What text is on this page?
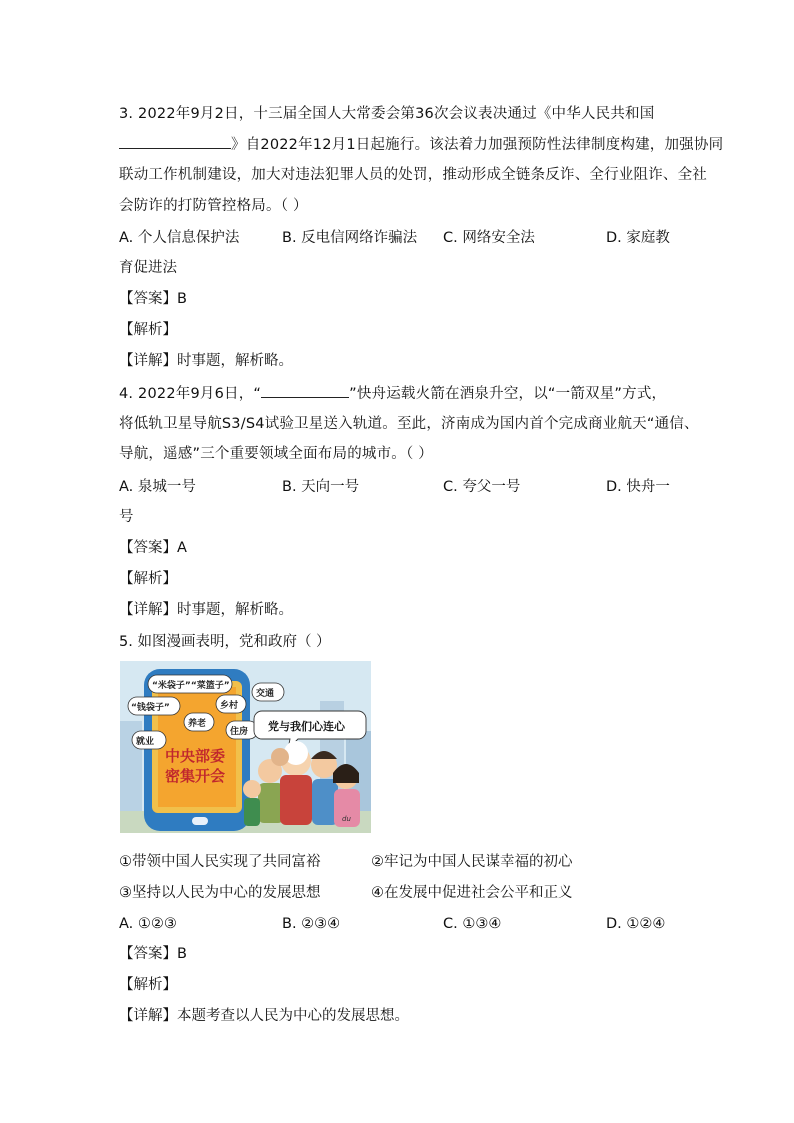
3. 2022年9月2日，十三届全国人大常委会第36次会议表决通过《中华人民共和国
》自2022年12月1日起施行。该法着力加强预防性法律制度构建，加强协同
联动工作机制建设，加大对违法犯罪人员的处罚，推动形成全链条反诈、全行业阻诈、全社
会防诈的打防管控格局。（ ）
A. 个人信息保护法	B. 反电信网络诈骗法 C. 网络安全法	D. 家庭教
育促进法
【答案】B
【解析】
【详解】时事题，解析略。
4. 2022年9月6日，“	”快舟运载火箭在酒泉升空，以“一箭双星”方式，
将低轨卫星导航S3/S4试验卫星送入轨道。至此，济南成为国内首个完成商业航天“通信、
导航，遥感”三个重要领域全面布局的城市。（ ）
A. 泉城一号	B. 天向一号	C. 夸父一号	D. 快舟一
号
【答案】A
【解析】
【详解】时事题，解析略。
5. 如图漫画表明，党和政府（ ）
中央部委
密集开会
“米袋子”“菜篮子”
“钱袋子”
养老
乡村
交通
就业
住房 党与我们心连心
du
①带领中国人民实现了共同富裕	②牢记为中国人民谋幸福的初心
③坚持以人民为中心的发展思想	④在发展中促进社会公平和正义
A. ①②③	B. ②③④	C. ①③④	D. ①②④
【答案】B
【解析】
【详解】本题考查以人民为中心的发展思想。
